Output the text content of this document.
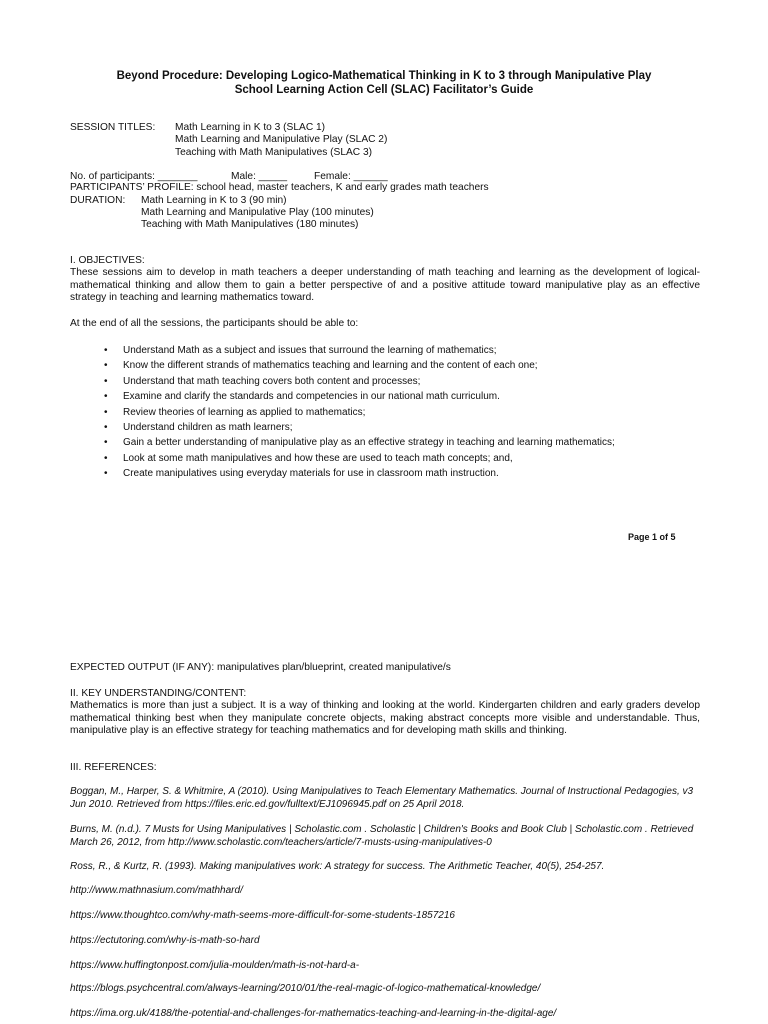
Beyond Procedure: Developing Logico-Mathematical Thinking in K to 3 through Manipulative Play
School Learning Action Cell (SLAC) Facilitator’s Guide
SESSION TITLES: Math Learning in K to 3 (SLAC 1)
Math Learning and Manipulative Play (SLAC 2)
Teaching with Math Manipulatives (SLAC 3)
No. of participants: _______	Male: _____	Female: ______
PARTICIPANTS’ PROFILE: school head, master teachers, K and early grades math teachers
DURATION: Math Learning in K to 3 (90 min)
Math Learning and Manipulative Play (100 minutes)
Teaching with Math Manipulatives (180 minutes)
I. OBJECTIVES:
These sessions aim to develop in math teachers a deeper understanding of math teaching and learning as the development of logical-mathematical thinking and allow them to gain a better perspective of and a positive attitude toward manipulative play as an effective strategy in teaching and learning mathematics toward.
At the end of all the sessions, the participants should be able to:
• Understand Math as a subject and issues that surround the learning of mathematics;
• Know the different strands of mathematics teaching and learning and the content of each one;
• Understand that math teaching covers both content and processes;
• Examine and clarify the standards and competencies in our national math curriculum.
• Review theories of learning as applied to mathematics;
• Understand children as math learners;
• Gain a better understanding of manipulative play as an effective strategy in teaching and learning mathematics;
• Look at some math manipulatives and how these are used to teach math concepts; and,
• Create manipulatives using everyday materials for use in classroom math instruction.
Page 1 of 5
EXPECTED OUTPUT (IF ANY): manipulatives plan/blueprint, created manipulative/s
II. KEY UNDERSTANDING/CONTENT:
Mathematics is more than just a subject. It is a way of thinking and looking at the world. Kindergarten children and early graders develop mathematical thinking best when they manipulate concrete objects, making abstract concepts more visible and understandable. Thus, manipulative play is an effective strategy for teaching mathematics and for developing math skills and thinking.
III. REFERENCES:
Boggan, M., Harper, S. & Whitmire, A (2010). Using Manipulatives to Teach Elementary Mathematics. Journal of Instructional Pedagogies, v3 Jun 2010. Retrieved from https://files.eric.ed.gov/fulltext/EJ1096945.pdf on 25 April 2018.
Burns, M. (n.d.). 7 Musts for Using Manipulatives | Scholastic.com . Scholastic | Children's Books and Book Club | Scholastic.com . Retrieved March 26, 2012, from http://www.scholastic.com/teachers/article/7-musts-using-manipulatives-0
Ross, R., & Kurtz, R. (1993). Making manipulatives work: A strategy for success. The Arithmetic Teacher, 40(5), 254-257.
http://www.mathnasium.com/mathhard/
https://www.thoughtco.com/why-math-seems-more-difficult-for-some-students-1857216
https://ectutoring.com/why-is-math-so-hard
https://www.huffingtonpost.com/julia-moulden/math-is-not-hard-a-
https://blogs.psychcentral.com/always-learning/2010/01/the-real-magic-of-logico-mathematical-knowledge/
https://ima.org.uk/4188/the-potential-and-challenges-for-mathematics-teaching-and-learning-in-the-digital-age/
